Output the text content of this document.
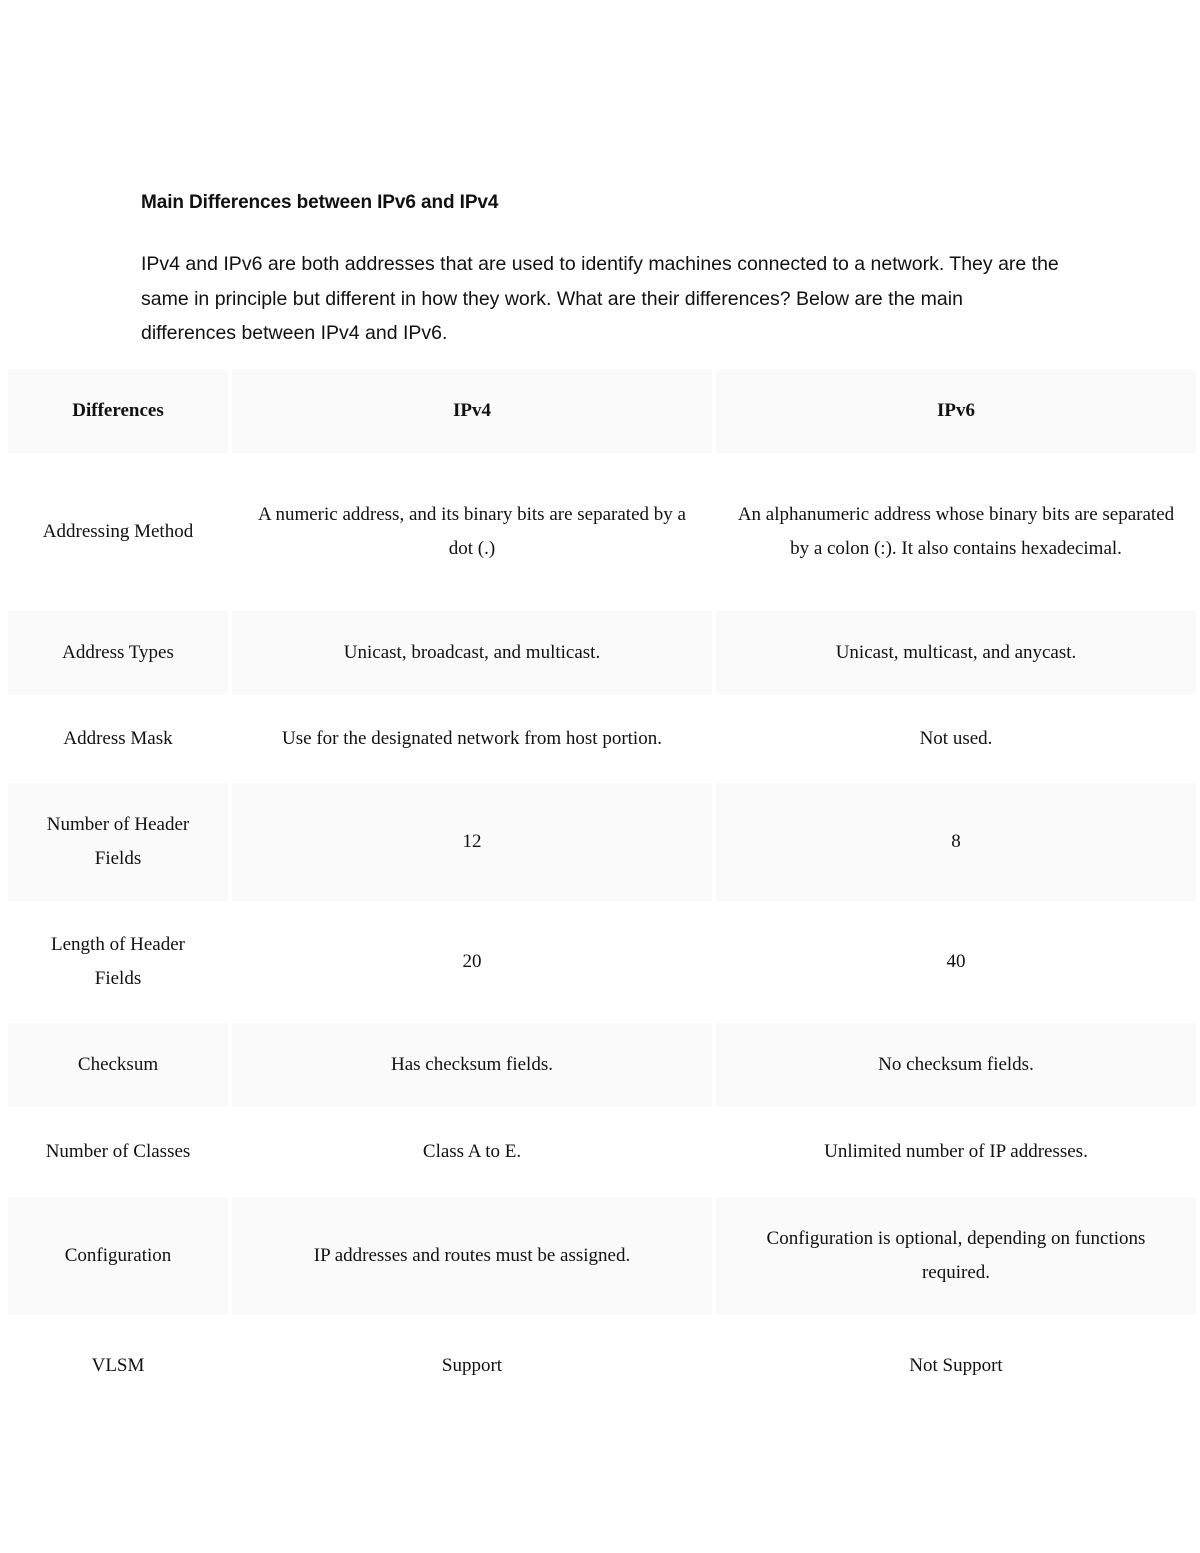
Main Differences between IPv6 and IPv4

IPv4 and IPv6 are both addresses that are used to identify machines connected to a network. They are the same in principle but different in how they work. What are their differences? Below are the main differences between IPv4 and IPv6.

Differences	IPv4	IPv6
Addressing Method	A numeric address, and its binary bits are separated by a dot (.)	An alphanumeric address whose binary bits are separated by a colon (:). It also contains hexadecimal.
Address Types	Unicast, broadcast, and multicast.	Unicast, multicast, and anycast.
Address Mask	Use for the designated network from host portion.	Not used.
Number of Header Fields	12	8
Length of Header Fields	20	40
Checksum	Has checksum fields.	No checksum fields.
Number of Classes	Class A to E.	Unlimited number of IP addresses.
Configuration	IP addresses and routes must be assigned.	Configuration is optional, depending on functions required.
VLSM	Support	Not Support
